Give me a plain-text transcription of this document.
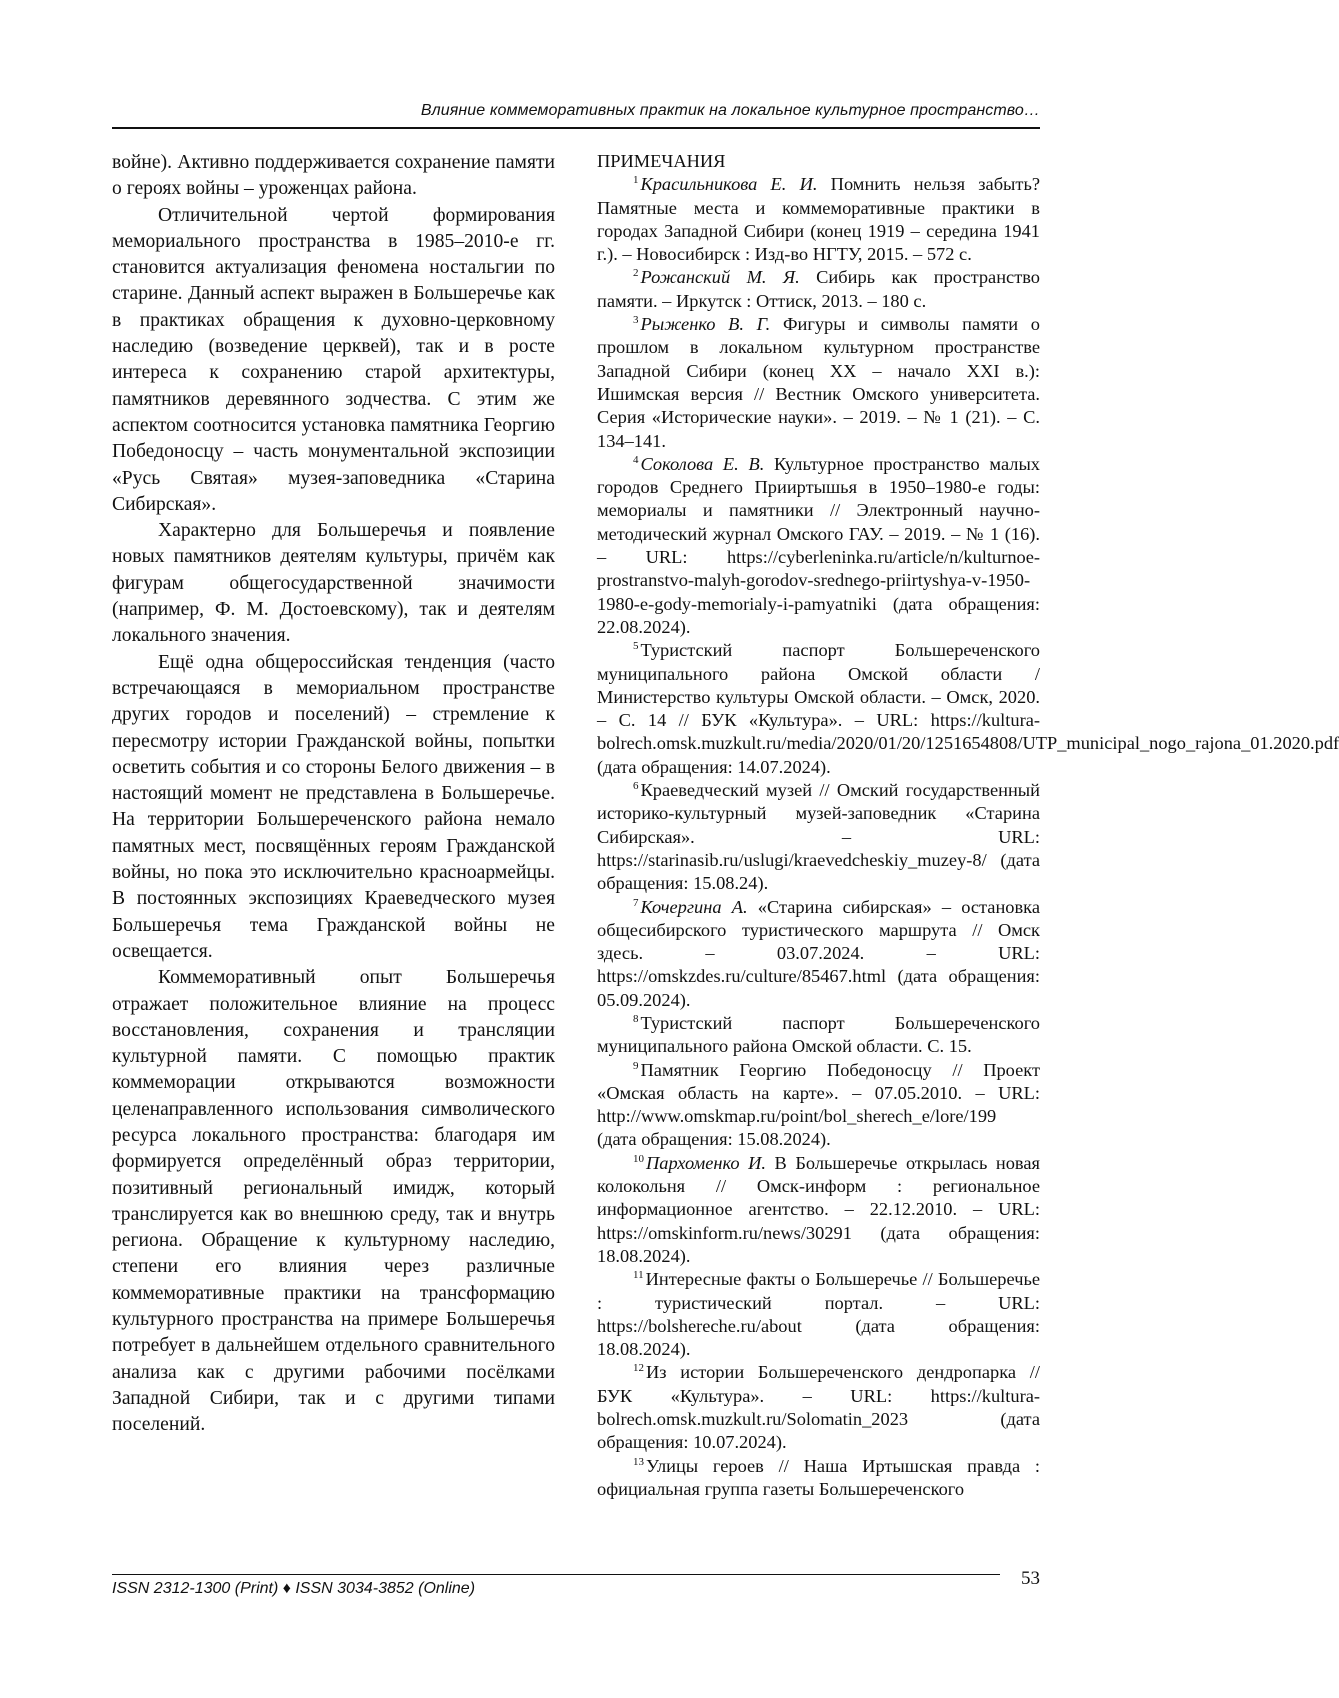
Влияние коммеморативных практик на локальное культурное пространство…

войне). Активно поддерживается сохранение памяти о героях войны – уроженцах района.

Отличительной чертой формирования мемориального пространства в 1985–2010-е гг. становится актуализация феномена ностальгии по старине. Данный аспект выражен в Большеречье как в практиках обращения к духовно-церковному наследию (возведение церквей), так и в росте интереса к сохранению старой архитектуры, памятников деревянного зодчества. С этим же аспектом соотносится установка памятника Георгию Победоносцу – часть монументальной экспозиции «Русь Святая» музея-заповедника «Старина Сибирская».

Характерно для Большеречья и появление новых памятников деятелям культуры, причём как фигурам общегосударственной значимости (например, Ф. М. Достоевскому), так и деятелям локального значения.

Ещё одна общероссийская тенденция (часто встречающаяся в мемориальном пространстве других городов и поселений) – стремление к пересмотру истории Гражданской войны, попытки осветить события и со стороны Белого движения – в настоящий момент не представлена в Большеречье. На территории Большереченского района немало памятных мест, посвящённых героям Гражданской войны, но пока это исключительно красноармейцы. В постоянных экспозициях Краеведческого музея Большеречья тема Гражданской войны не освещается.

Коммеморативный опыт Большеречья отражает положительное влияние на процесс восстановления, сохранения и трансляции культурной памяти. С помощью практик коммеморации открываются возможности целенаправленного использования символического ресурса локального пространства: благодаря им формируется определённый образ территории, позитивный региональный имидж, который транслируется как во внешнюю среду, так и внутрь региона. Обращение к культурному наследию, степени его влияния через различные коммеморативные практики на трансформацию культурного пространства на примере Большеречья потребует в дальнейшем отдельного сравнительного анализа как с другими рабочими посёлками Западной Сибири, так и с другими типами поселений.

ПРИМЕЧАНИЯ

$^1$ Красильникова Е. И. Помнить нельзя забыть? Памятные места и коммеморативные практики в городах Западной Сибири (конец 1919 – середина 1941 г.). – Новосибирск : Изд-во НГТУ, 2015. – 572 с.

$^2$ Рожанский М. Я. Сибирь как пространство памяти. – Иркутск : Оттиск, 2013. – 180 с.

$^3$ Рыженко В. Г. Фигуры и символы памяти о прошлом в локальном культурном пространстве Западной Сибири (конец ХХ – начало ХХI в.): Ишимская версия // Вестник Омского университета. Серия «Исторические науки». – 2019. – № 1 (21). – С. 134–141.

$^4$ Соколова Е. В. Культурное пространство малых городов Среднего Прииртышья в 1950–1980-е годы: мемориалы и памятники // Электронный научно-методический журнал Омского ГАУ. – 2019. – № 1 (16). – URL: https://cyberleninka.ru/article/n/kulturnoe-prostranstvo-malyh-gorodov-srednego-priirtyshya-v-1950-1980-e-gody-memorialy-i-pamyatniki (дата обращения: 22.08.2024).

$^5$ Туристский паспорт Большереченского муниципального района Омской области / Министерство культуры Омской области. – Омск, 2020. – С. 14 // БУК «Культура». – URL: https://kultura-bolrech.omsk.muzkult.ru/media/2020/01/20/1251654808/UTP_municipal_nogo_rajona_01.2020.pdf (дата обращения: 14.07.2024).

$^6$ Краеведческий музей // Омский государственный историко-культурный музей-заповедник «Старина Сибирская». – URL: https://starinasib.ru/uslugi/kraevedcheskiy_muzey-8/ (дата обращения: 15.08.24).

$^7$ Кочергина А. «Старина сибирская» – остановка общесибирского туристического маршрута // Омск здесь. – 03.07.2024. – URL: https://omskzdes.ru/culture/85467.html (дата обращения: 05.09.2024).

$^8$ Туристский паспорт Большереченского муниципального района Омской области. С. 15.

$^9$ Памятник Георгию Победоносцу // Проект «Омская область на карте». – 07.05.2010. – URL: http://www.omskmap.ru/point/bol_sherech_e/lore/199 (дата обращения: 15.08.2024).

$^{10}$ Пархоменко И. В Большеречье открылась новая колокольня // Омск-информ : региональное информационное агентство. – 22.12.2010. – URL: https://omskinform.ru/news/30291 (дата обращения: 18.08.2024).

$^{11}$ Интересные факты о Большеречье // Большеречье : туристический портал. – URL: https://bolshereche.ru/about (дата обращения: 18.08.2024).

$^{12}$ Из истории Большереченского дендропарка // БУК «Культура». – URL: https://kultura-bolrech.omsk.muzkult.ru/Solomatin_2023 (дата обращения: 10.07.2024).

$^{13}$ Улицы героев // Наша Иртышская правда : официальная группа газеты Большереченского

ISSN 2312-1300 (Print) ♦ ISSN 3034-3852 (Online)	53
